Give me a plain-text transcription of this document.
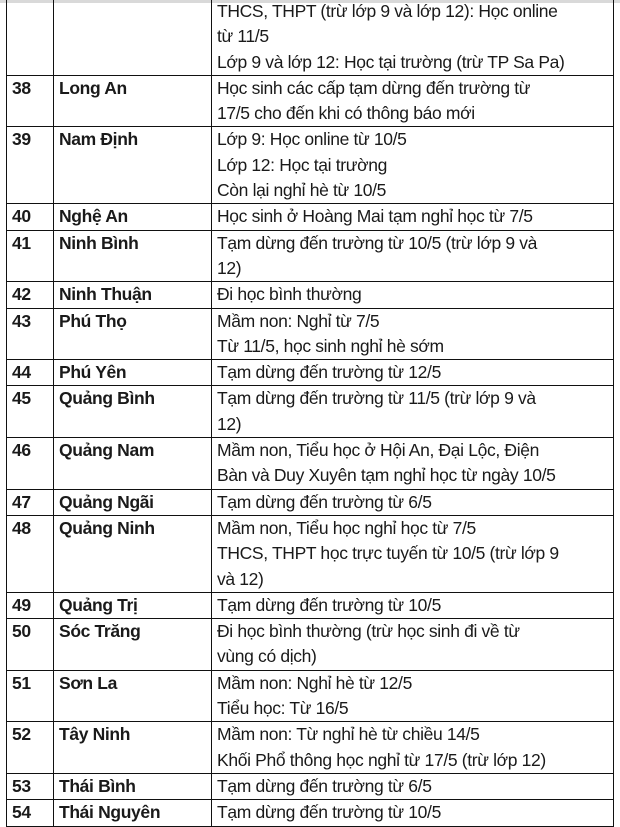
		THCS, THPT (trừ lớp 9 và lớp 12): Học online
từ 11/5
Lớp 9 và lớp 12: Học tại trường (trừ TP Sa Pa)

38	Long An	Học sinh các cấp tạm dừng đến trường từ
17/5 cho đến khi có thông báo mới

39	Nam Định	Lớp 9: Học online từ 10/5
Lớp 12: Học tại trường
Còn lại nghỉ hè từ 10/5

40	Nghệ An	Học sinh ở Hoàng Mai tạm nghỉ học từ 7/5

41	Ninh Bình	Tạm dừng đến trường từ 10/5 (trừ lớp 9 và
12)

42	Ninh Thuận	Đi học bình thường

43	Phú Thọ	Mầm non: Nghỉ từ 7/5
Từ 11/5, học sinh nghỉ hè sớm

44	Phú Yên	Tạm dừng đến trường từ 12/5

45	Quảng Bình	Tạm dừng đến trường từ 11/5 (trừ lớp 9 và
12)

46	Quảng Nam	Mầm non, Tiểu học ở Hội An, Đại Lộc, Điện
Bàn và Duy Xuyên tạm nghỉ học từ ngày 10/5

47	Quảng Ngãi	Tạm dừng đến trường từ 6/5

48	Quảng Ninh	Mầm non, Tiểu học nghỉ học từ 7/5
THCS, THPT học trực tuyến từ 10/5 (trừ lớp 9
và 12)

49	Quảng Trị	Tạm dừng đến trường từ 10/5

50	Sóc Trăng	Đi học bình thường (trừ học sinh đi về từ
vùng có dịch)

51	Sơn La	Mầm non: Nghỉ hè từ 12/5
Tiểu học: Từ 16/5

52	Tây Ninh	Mầm non: Từ nghỉ hè từ chiều 14/5
Khối Phổ thông học nghỉ từ 17/5 (trừ lớp 12)

53	Thái Bình	Tạm dừng đến trường từ 6/5

54	Thái Nguyên	Tạm dừng đến trường từ 10/5
